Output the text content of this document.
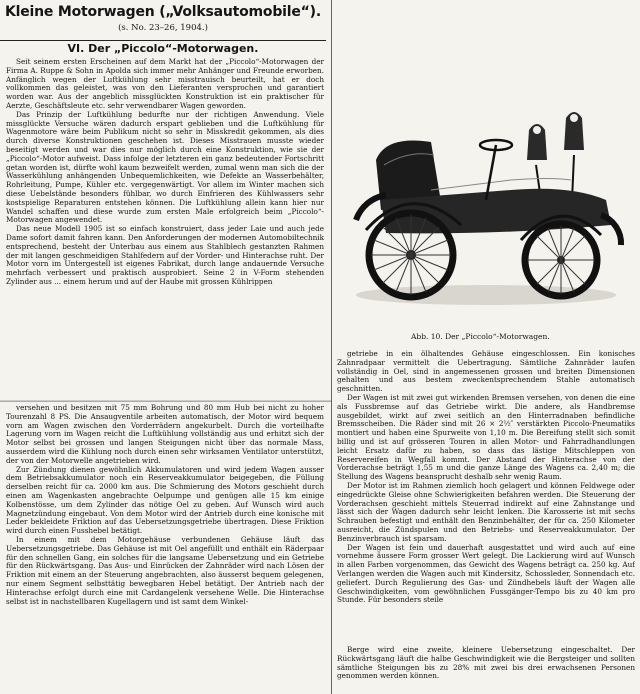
Kleine Motorwagen („Volksautomobile“).
(s. No. 23–26, 1904.)
VI. Der „Piccolo“-Motorwagen.

Seit seinem ersten Erscheinen auf dem Markt hat der „Piccolo“-Motorwagen der Firma A. Ruppe & Sohn in Apolda sich immer mehr Anhänger und Freunde erworben. Anfänglich wegen der Luftkühlung sehr misstrauisch beurteilt, hat er doch vollkommen das geleistet, was von den Lieferanten versprochen und garantiert worden war. Aus der angeblich missglückten Konstruktion ist ein praktischer für Aerzte, Geschäftsleute etc. sehr verwendbarer Wagen geworden.

Das Prinzip der Luftkühlung bedurfte nur der richtigen Anwendung. Viele missglückte Versuche wären dadurch erspart geblieben und die Luftkühlung für Wagenmotore wäre beim Publikum nicht so sehr in Misskredit gekommen, als dies durch diverse Konstruktionen geschehen ist. Dieses Misstrauen musste wieder beseitigt werden und war dies nur möglich durch eine Konstruktion, wie sie der „Piccolo“-Motor aufweist. Dass infolge der letzteren ein ganz bedeutender Fortschritt getan worden ist, dürfte wohl kaum bezweifelt werden, zumal wenn man sich die der Wasserkühlung anhängenden Unbequemlichkeiten, wie Defekte an Wasserbehälter, Rohrleitung, Pumpe, Kühler etc. vergegenwärtigt. Vor allem im Winter machen sich diese Uebelstände besonders fühlbar, wo durch Einfrieren des Kühlwassers sehr kostspielige Reparaturen entstehen können. Die Luftkühlung allein kann hier nur Wandel schaffen und diese wurde zum ersten Male erfolgreich beim „Piccolo“-Motorwagen angewendet.

Das neue Modell 1905 ist so einfach konstruiert, dass jeder Laie und auch jede Dame sofort damit fahren kann. Den Anforderungen der modernen Automobiltechnik entsprechend, besteht der Unterbau aus einem aus Stahlblech gestanzten Rahmen der mit langen geschmeidigen Stahlfedern auf der Vorder- und Hinterachse ruht. Der Motor vorn im Untergestell ist eigenes Fabrikat, durch lange andauernde Versuche mehrfach verbessert und praktisch ausprobiert. Seine 2 in V-Form stehenden Zylinder aus ... einem herum und auf der Haube mit grossen Kühlrippen

versehen und besitzen mit 75 mm Bohrung und 80 mm Hub bei nicht zu hoher Tourenzahl 8 PS. Die Ansaugventile arbeiten automatisch, der Motor wird bequem vorn am Wagen zwischen den Vorderrädern angekurbelt. Durch die vorteilhafte Lagerung vorn im Wagen reicht die Luftkühlung vollständig aus und erhitzt sich der Motor selbst bei grossen und langen Steigungen nicht über das normale Mass, ausserdem wird die Kühlung noch durch einen sehr wirksamen Ventilator unterstützt, der von der Motorwelle angetrieben wird.

Zur Zündung dienen gewöhnlich Akkumulatoren und wird jedem Wagen ausser dem Betriebsakkumulator noch ein Reserveakkumulator beigegeben, die Füllung derselben reicht für ca. 2000 km aus. Die Schmierung des Motors geschieht durch einen am Wagenkasten angebrachte Oelpumpe und genügen alle 15 km einige Kolbenstösse, um dem Zylinder das nötige Oel zu geben. Auf Wunsch wird auch Magnetzündung eingebaut. Von dem Motor wird der Antrieb durch eine konische mit Leder bekleidete Friktion auf das Uebersetzungsgetriebe übertragen. Diese Friktion wird durch einen Fusshebel betätigt.

In einem mit dem Motorgehäuse verbundenen Gehäuse läuft das Uebersetzungsgetriebe. Das Gehäuse ist mit Oel angefüllt und enthält ein Räderpaar für den schnellen Gang, ein solches für die langsame Uebersetzung und ein Getriebe für den Rückwärtsgang. Das Aus- und Einrücken der Zahnräder wird nach Lösen der Friktion mit einem an der Steuerung angebrachten, also äusserst bequem gelegenen, nur einem Segment selbsttätig bewegbaren Hebel betätigt. Der Antrieb nach der Hinterachse erfolgt durch eine mit Cardangelenk versehene Welle. Die Hinterachse selbst ist in nachstellbaren Kugellagern und ist samt dem Winkel-

Abb. 10. Der „Piccolo“-Motorwagen.

getriebe in ein ölhaltendes Gehäuse eingeschlossen. Ein konisches Zahnradpaar vermittelt die Uebertragung. Sämtliche Zahnräder laufen vollständig in Oel, sind in angemessenen grossen und breiten Dimensionen gehalten und aus bestem zweckentsprechendem Stahle automatisch geschnitten.

Der Wagen ist mit zwei gut wirkenden Bremsen versehen, von denen die eine als Fussbremse auf das Getriebe wirkt. Die andere, als Handbremse ausgebildet, wirkt auf zwei seitlich an den Hinterradnaben befindliche Bremsscheiben. Die Räder sind mit 26 × 2½″ verstärkten Piccolo-Pneumatiks montiert und haben eine Spurweite von 1,10 m. Die Bereifung stellt sich somit billig und ist auf grösseren Touren in allen Motor- und Fahrradhandlungen leicht Ersatz dafür zu haben, so dass das lästige Mitschleppen von Reservereifen in Wegfall kommt. Der Abstand der Hinterachse von der Vorderachse beträgt 1,55 m und die ganze Länge des Wagens ca. 2,40 m; die Stellung des Wagens beansprucht deshalb sehr wenig Raum.

Der Motor ist im Rahmen ziemlich hoch gelagert und können Feldwege oder eingedrückte Gleise ohne Schwierigkeiten befahren werden. Die Steuerung der Vorderachsen geschieht mittels Steuerrad indirekt auf eine Zahnstange und lässt sich der Wagen dadurch sehr leicht lenken. Die Karosserie ist mit sechs Schrauben befestigt und enthält den Benzinbehälter, der für ca. 250 Kilometer ausreicht, die Zündspulen und den Betriebs- und Reserveakkumulator. Der Benzinverbrauch ist sparsam.

Der Wagen ist fein und dauerhaft ausgestattet und wird auch auf eine vornehme äussere Form grosser Wert gelegt. Die Lackierung wird auf Wunsch in allen Farben vorgenommen, das Gewicht des Wagens beträgt ca. 250 kg. Auf Verlangen werden die Wagen auch mit Kindersitz, Schossleder, Sonnendach etc. geliefert. Durch Regulierung des Gas- und Zündhebels läuft der Wagen alle Geschwindigkeiten, vom gewöhnlichen Fussgänger-Tempo bis zu 40 km pro Stunde. Für besonders steile

Berge wird eine zweite, kleinere Uebersetzung eingeschaltet. Der Rückwärtsgang läuft die halbe Geschwindigkeit wie die Bergsteiger und sollten sämtliche Steigungen bis zu 28% mit zwei bis drei erwachsenen Personen genommen werden können.
